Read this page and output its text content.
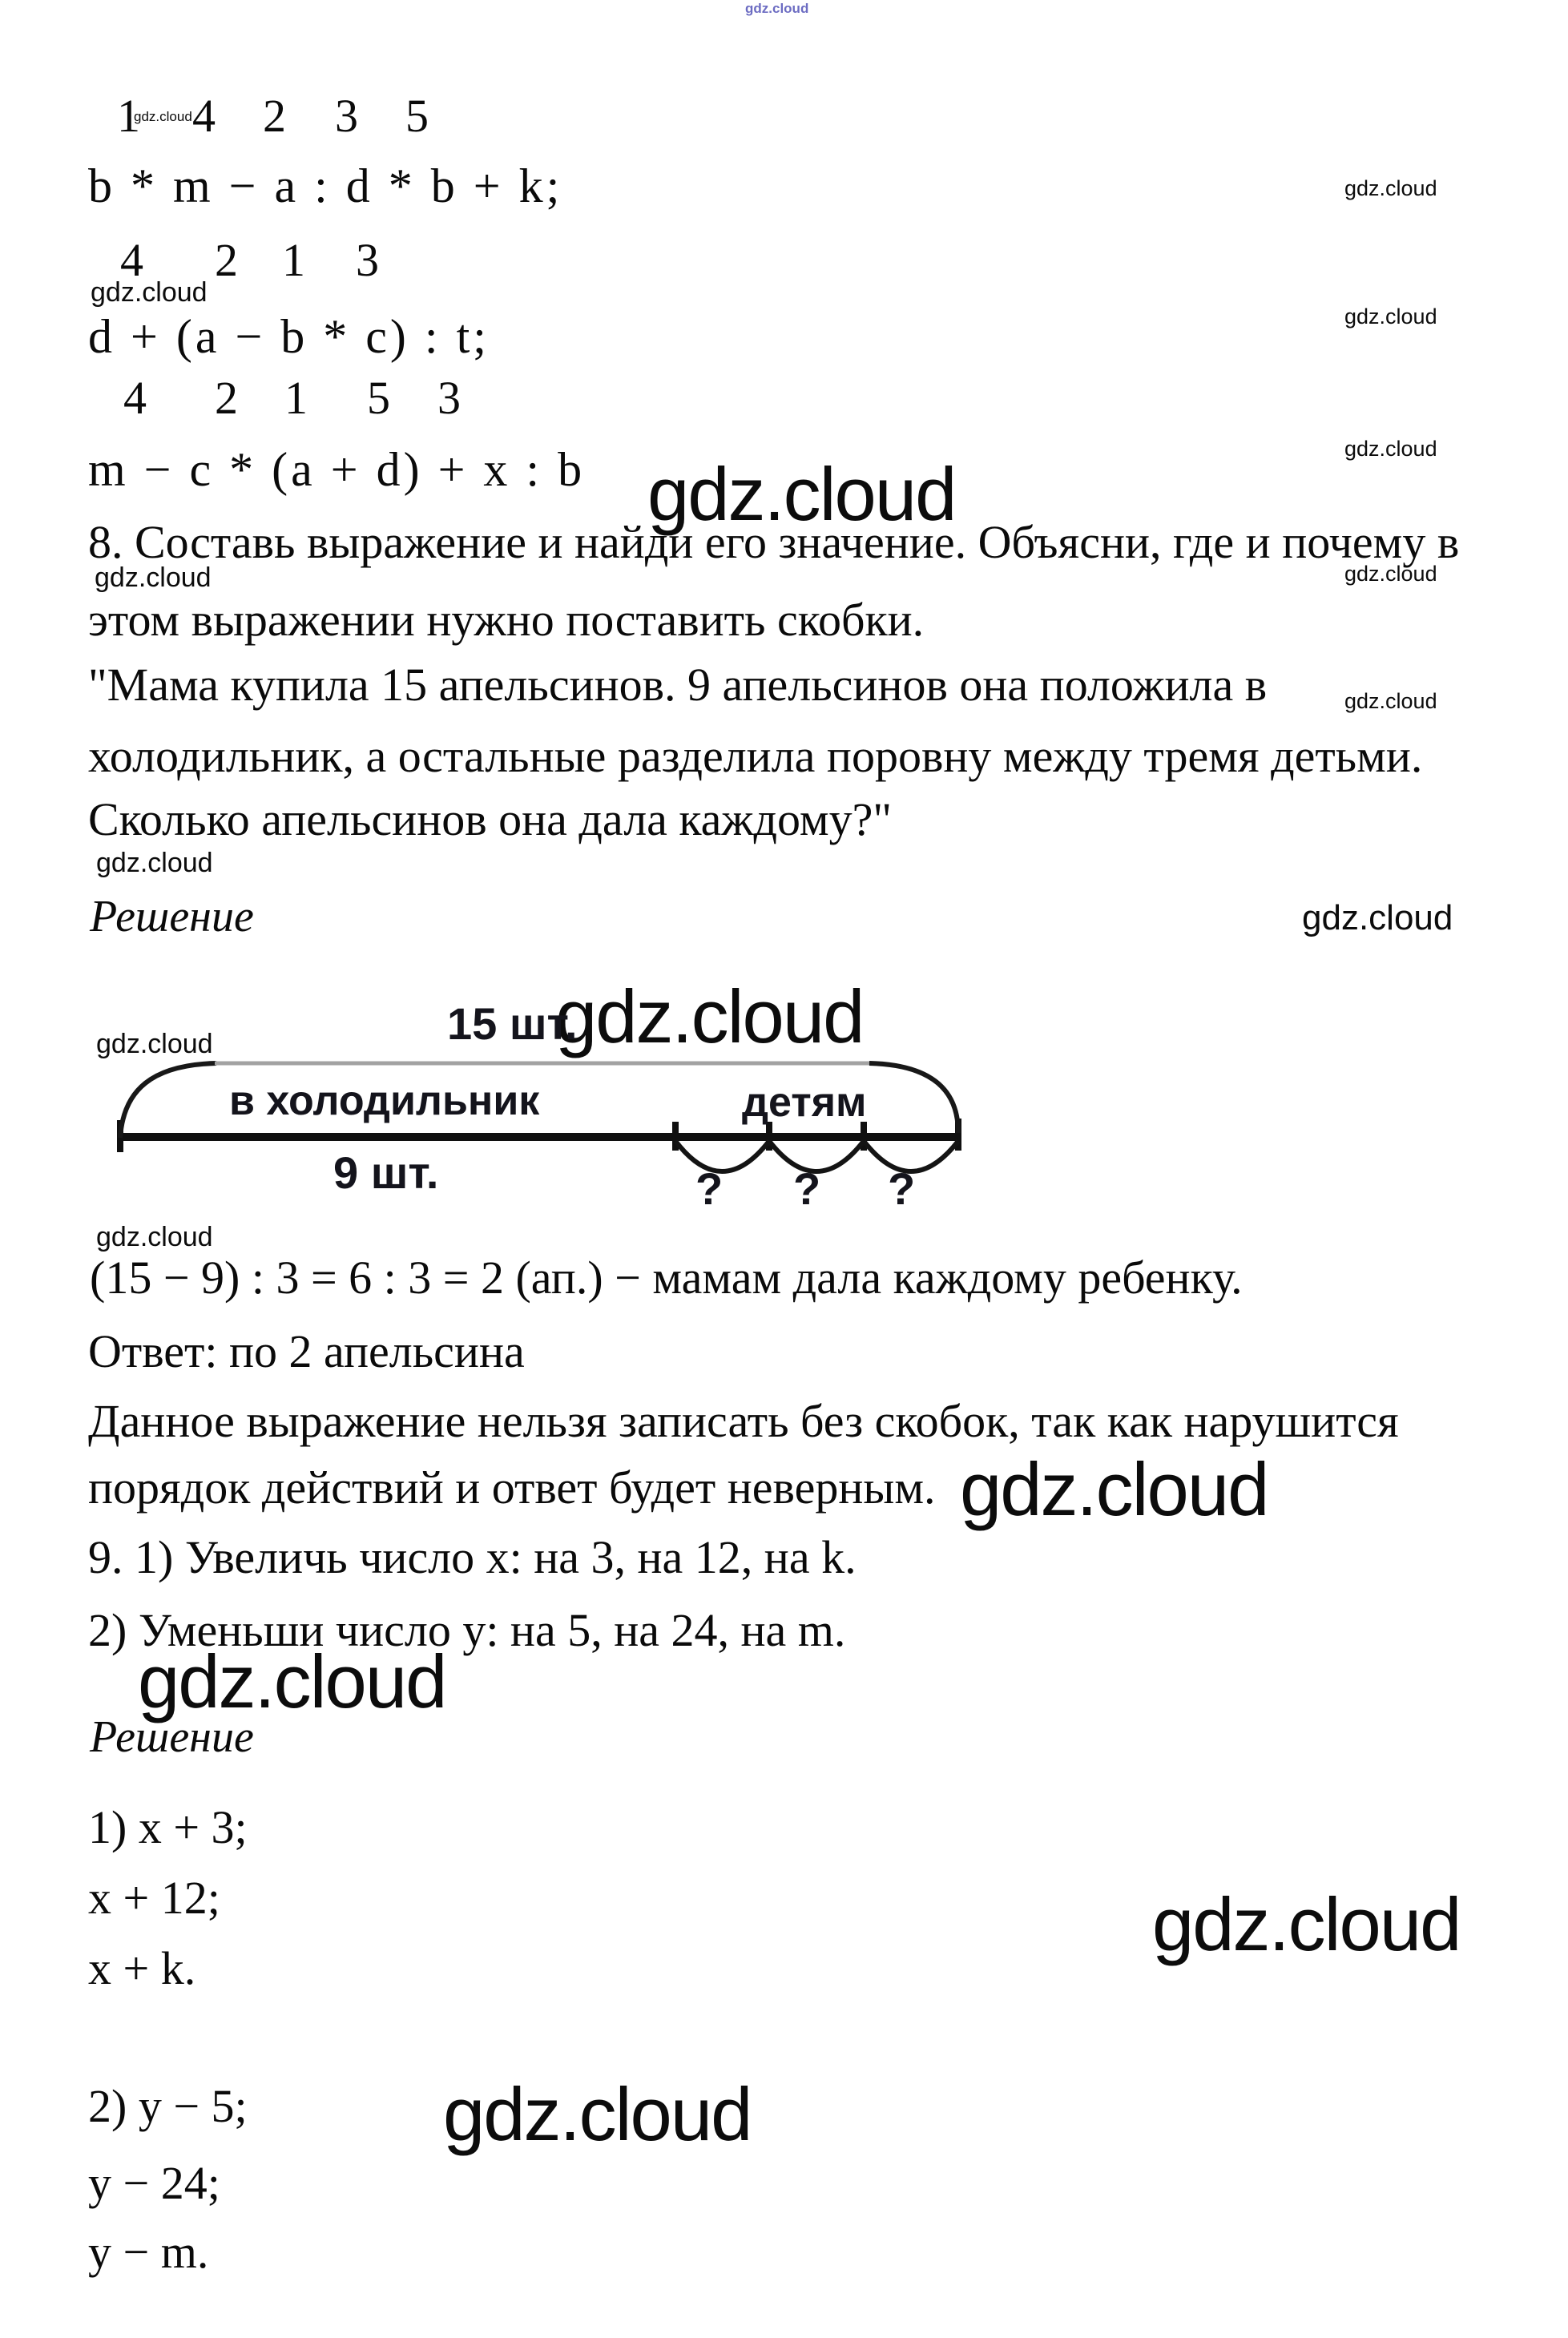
gdz.cloud
gdz.cloud
gdz.cloud
gdz.cloud
gdz.cloud
gdz.cloud
gdz.cloud
gdz.cloud
gdz.cloud
gdz.cloud
gdz.cloud
gdz.cloud
gdz.cloud
gdz.cloud
gdz.cloud
gdz.cloud
gdz.cloud
gdz.cloud
gdz.cloud
1 4 2 3 5
b * m − a : d * b + k;
4 2 1 3
d + (a − b * c) : t;
4 2 1 5 3
m − c * (a + d) + x : b
8. Составь выражение и найди его значение. Объясни, где и почему в
этом выражении нужно поставить скобки.
"Мама купила 15 апельсинов. 9 апельсинов она положила в
холодильник, а остальные разделила поровну между тремя детьми.
Сколько апельсинов она дала каждому?"
Решение
15 шт.
в холодильник	детям
9 шт.	? ? ?
(15 − 9) : 3 = 6 : 3 = 2 (ап.) − мамам дала каждому ребенку.
Ответ: по 2 апельсина
Данное выражение нельзя записать без скобок, так как нарушится
порядок действий и ответ будет неверным.
9. 1) Увеличь число x: на 3, на 12, на k.
2) Уменьши число y: на 5, на 24, на m.
Решение
1) x + 3;
x + 12;
x + k.
2) y − 5;
y − 24;
y − m.
